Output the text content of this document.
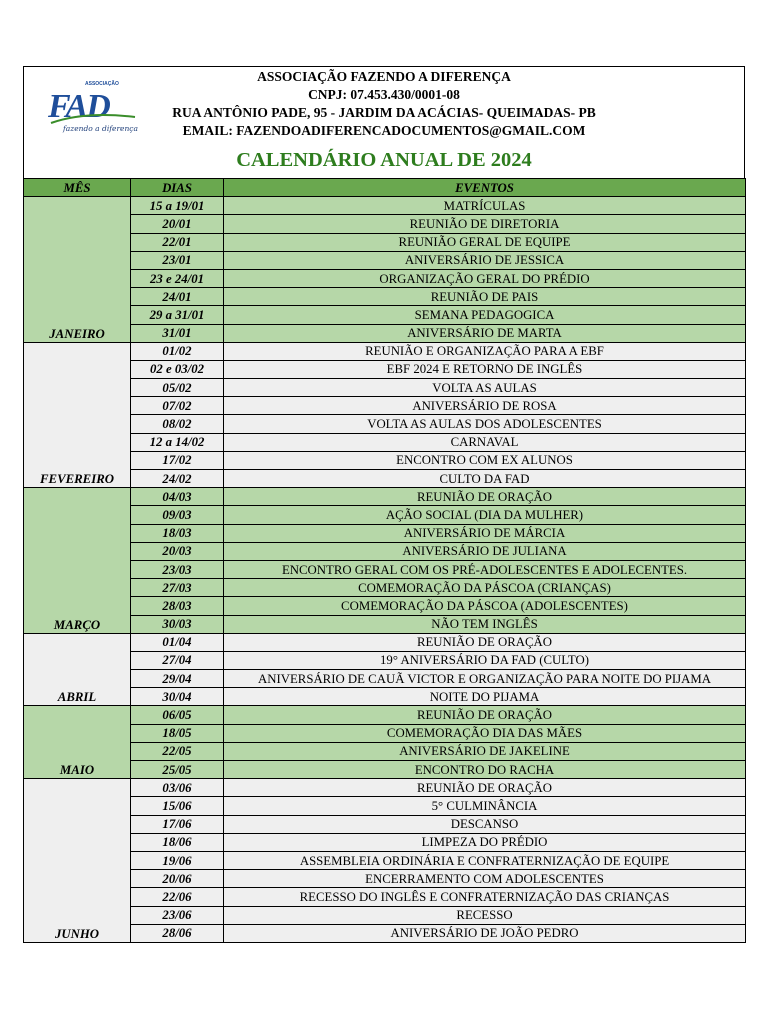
ASSOCIAÇÃO
FAD
fazendo a diferença
ASSOCIAÇÃO FAZENDO A DIFERENÇA
CNPJ: 07.453.430/0001-08
RUA ANTÔNIO PADE, 95 - JARDIM DA ACÁCIAS- QUEIMADAS- PB
EMAIL: FAZENDOADIFERENCADOCUMENTOS@GMAIL.COM
CALENDÁRIO ANUAL DE 2024
MÊS	DIAS	EVENTOS
JANEIRO	15 a 19/01	MATRÍCULAS
	20/01	REUNIÃO DE DIRETORIA
	22/01	REUNIÃO GERAL DE EQUIPE
	23/01	ANIVERSÁRIO DE JESSICA
	23 e 24/01	ORGANIZAÇÃO GERAL DO PRÉDIO
	24/01	REUNIÃO DE PAIS
	29 a 31/01	SEMANA PEDAGOGICA
	31/01	ANIVERSÁRIO DE MARTA
FEVEREIRO	01/02	REUNIÃO E ORGANIZAÇÃO PARA A EBF
	02 e 03/02	EBF 2024 E RETORNO DE INGLÊS
	05/02	VOLTA AS AULAS
	07/02	ANIVERSÁRIO DE ROSA
	08/02	VOLTA AS AULAS DOS ADOLESCENTES
	12 a 14/02	CARNAVAL
	17/02	ENCONTRO COM EX ALUNOS
	24/02	CULTO DA FAD
MARÇO	04/03	REUNIÃO DE ORAÇÃO
	09/03	AÇÃO SOCIAL (DIA DA MULHER)
	18/03	ANIVERSÁRIO DE MÁRCIA
	20/03	ANIVERSÁRIO DE JULIANA
	23/03	ENCONTRO GERAL COM OS PRÉ-ADOLESCENTES E ADOLECENTES.
	27/03	COMEMORAÇÃO DA PÁSCOA (CRIANÇAS)
	28/03	COMEMORAÇÃO DA PÁSCOA (ADOLESCENTES)
	30/03	NÃO TEM INGLÊS
ABRIL	01/04	REUNIÃO DE ORAÇÃO
	27/04	19° ANIVERSÁRIO DA FAD (CULTO)
	29/04	ANIVERSÁRIO DE CAUÃ VICTOR E ORGANIZAÇÃO PARA NOITE DO PIJAMA
	30/04	NOITE DO PIJAMA
MAIO	06/05	REUNIÃO DE ORAÇÃO
	18/05	COMEMORAÇÃO DIA DAS MÃES
	22/05	ANIVERSÁRIO DE JAKELINE
	25/05	ENCONTRO DO RACHA
JUNHO	03/06	REUNIÃO DE ORAÇÃO
	15/06	5° CULMINÂNCIA
	17/06	DESCANSO
	18/06	LIMPEZA DO PRÉDIO
	19/06	ASSEMBLEIA ORDINÁRIA E CONFRATERNIZAÇÃO DE EQUIPE
	20/06	ENCERRAMENTO COM ADOLESCENTES
	22/06	RECESSO DO INGLÊS E CONFRATERNIZAÇÃO DAS CRIANÇAS
	23/06	RECESSO
	28/06	ANIVERSÁRIO DE JOÃO PEDRO
